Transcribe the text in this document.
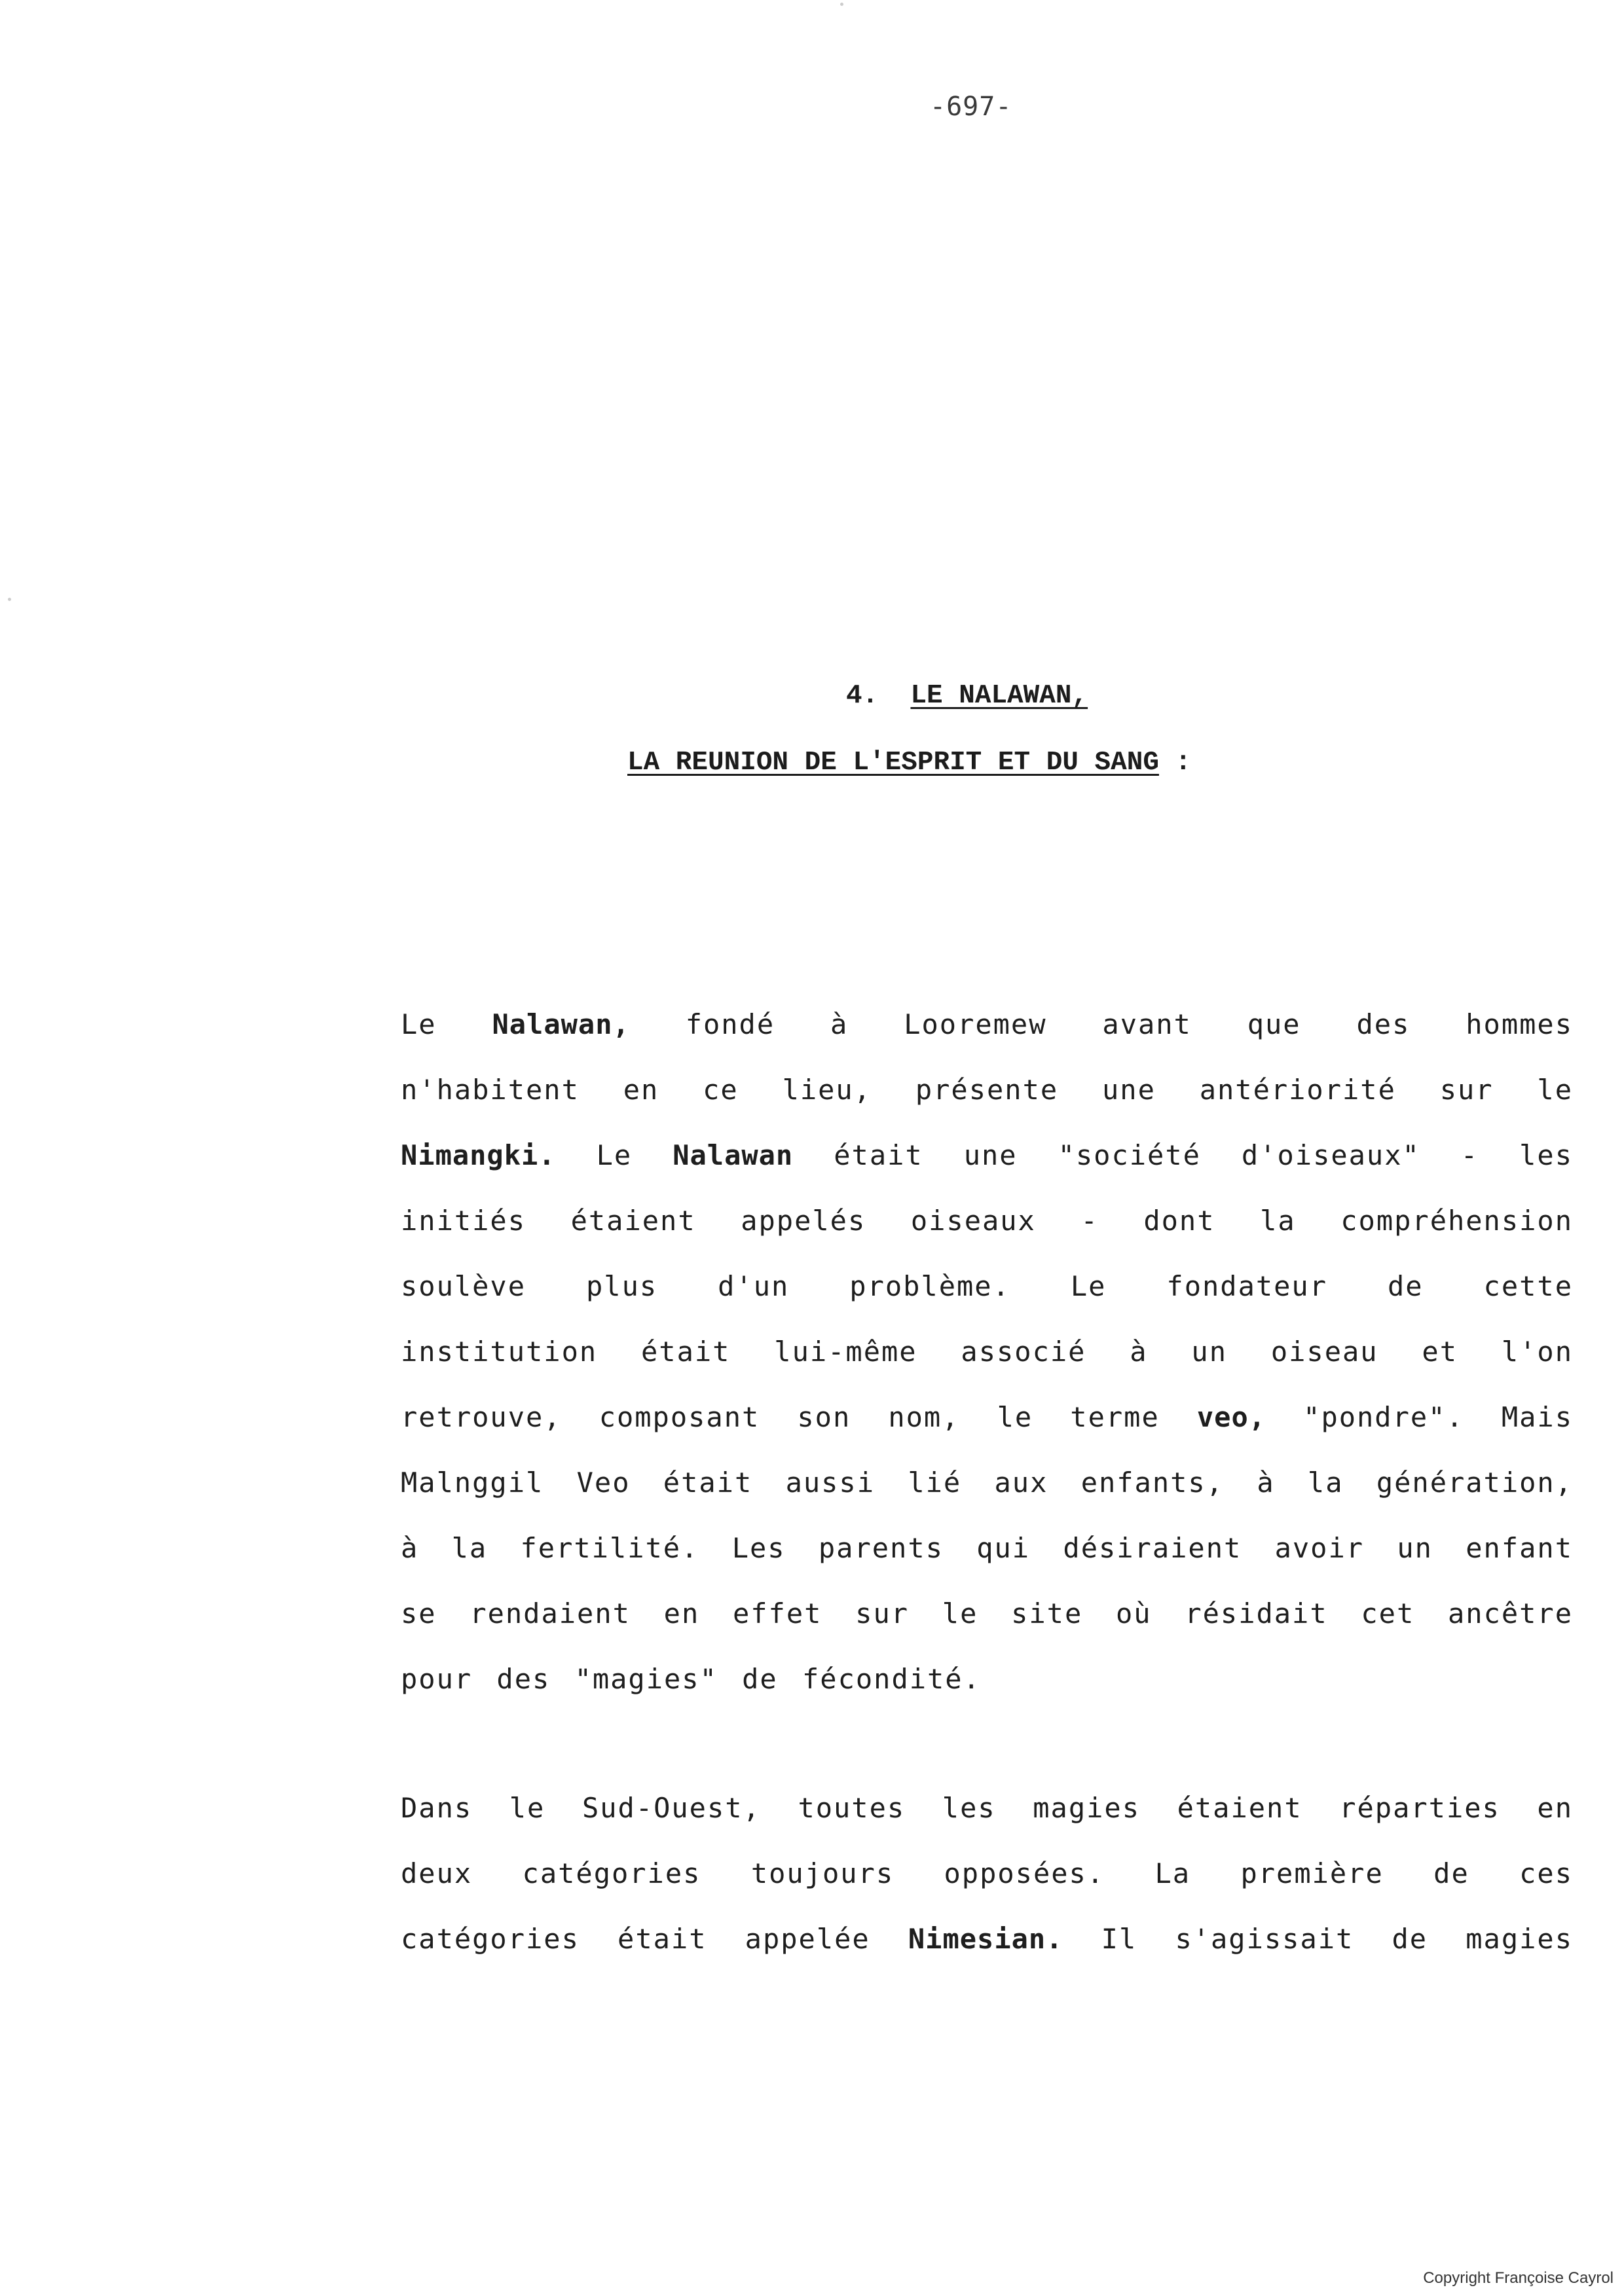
-697-
4. LE NALAWAN,
LA REUNION DE L'ESPRIT ET DU SANG :
Le Nalawan, fondé à Looremew avant que des hommes
n'habitent en ce lieu, présente une antériorité sur le
Nimangki. Le Nalawan était une "société d'oiseaux" - les
initiés étaient appelés oiseaux - dont la compréhension
soulève plus d'un problème. Le fondateur de cette
institution était lui-même associé à un oiseau et l'on
retrouve, composant son nom, le terme veo, "pondre". Mais
Malnggil Veo était aussi lié aux enfants, à la génération,
à la fertilité. Les parents qui désiraient avoir un enfant
se rendaient en effet sur le site où résidait cet ancêtre
pour des "magies" de fécondité.
Dans le Sud-Ouest, toutes les magies étaient réparties en
deux catégories toujours opposées. La première de ces
catégories était appelée Nimesian. Il s'agissait de magies
Copyright Françoise Cayrol
